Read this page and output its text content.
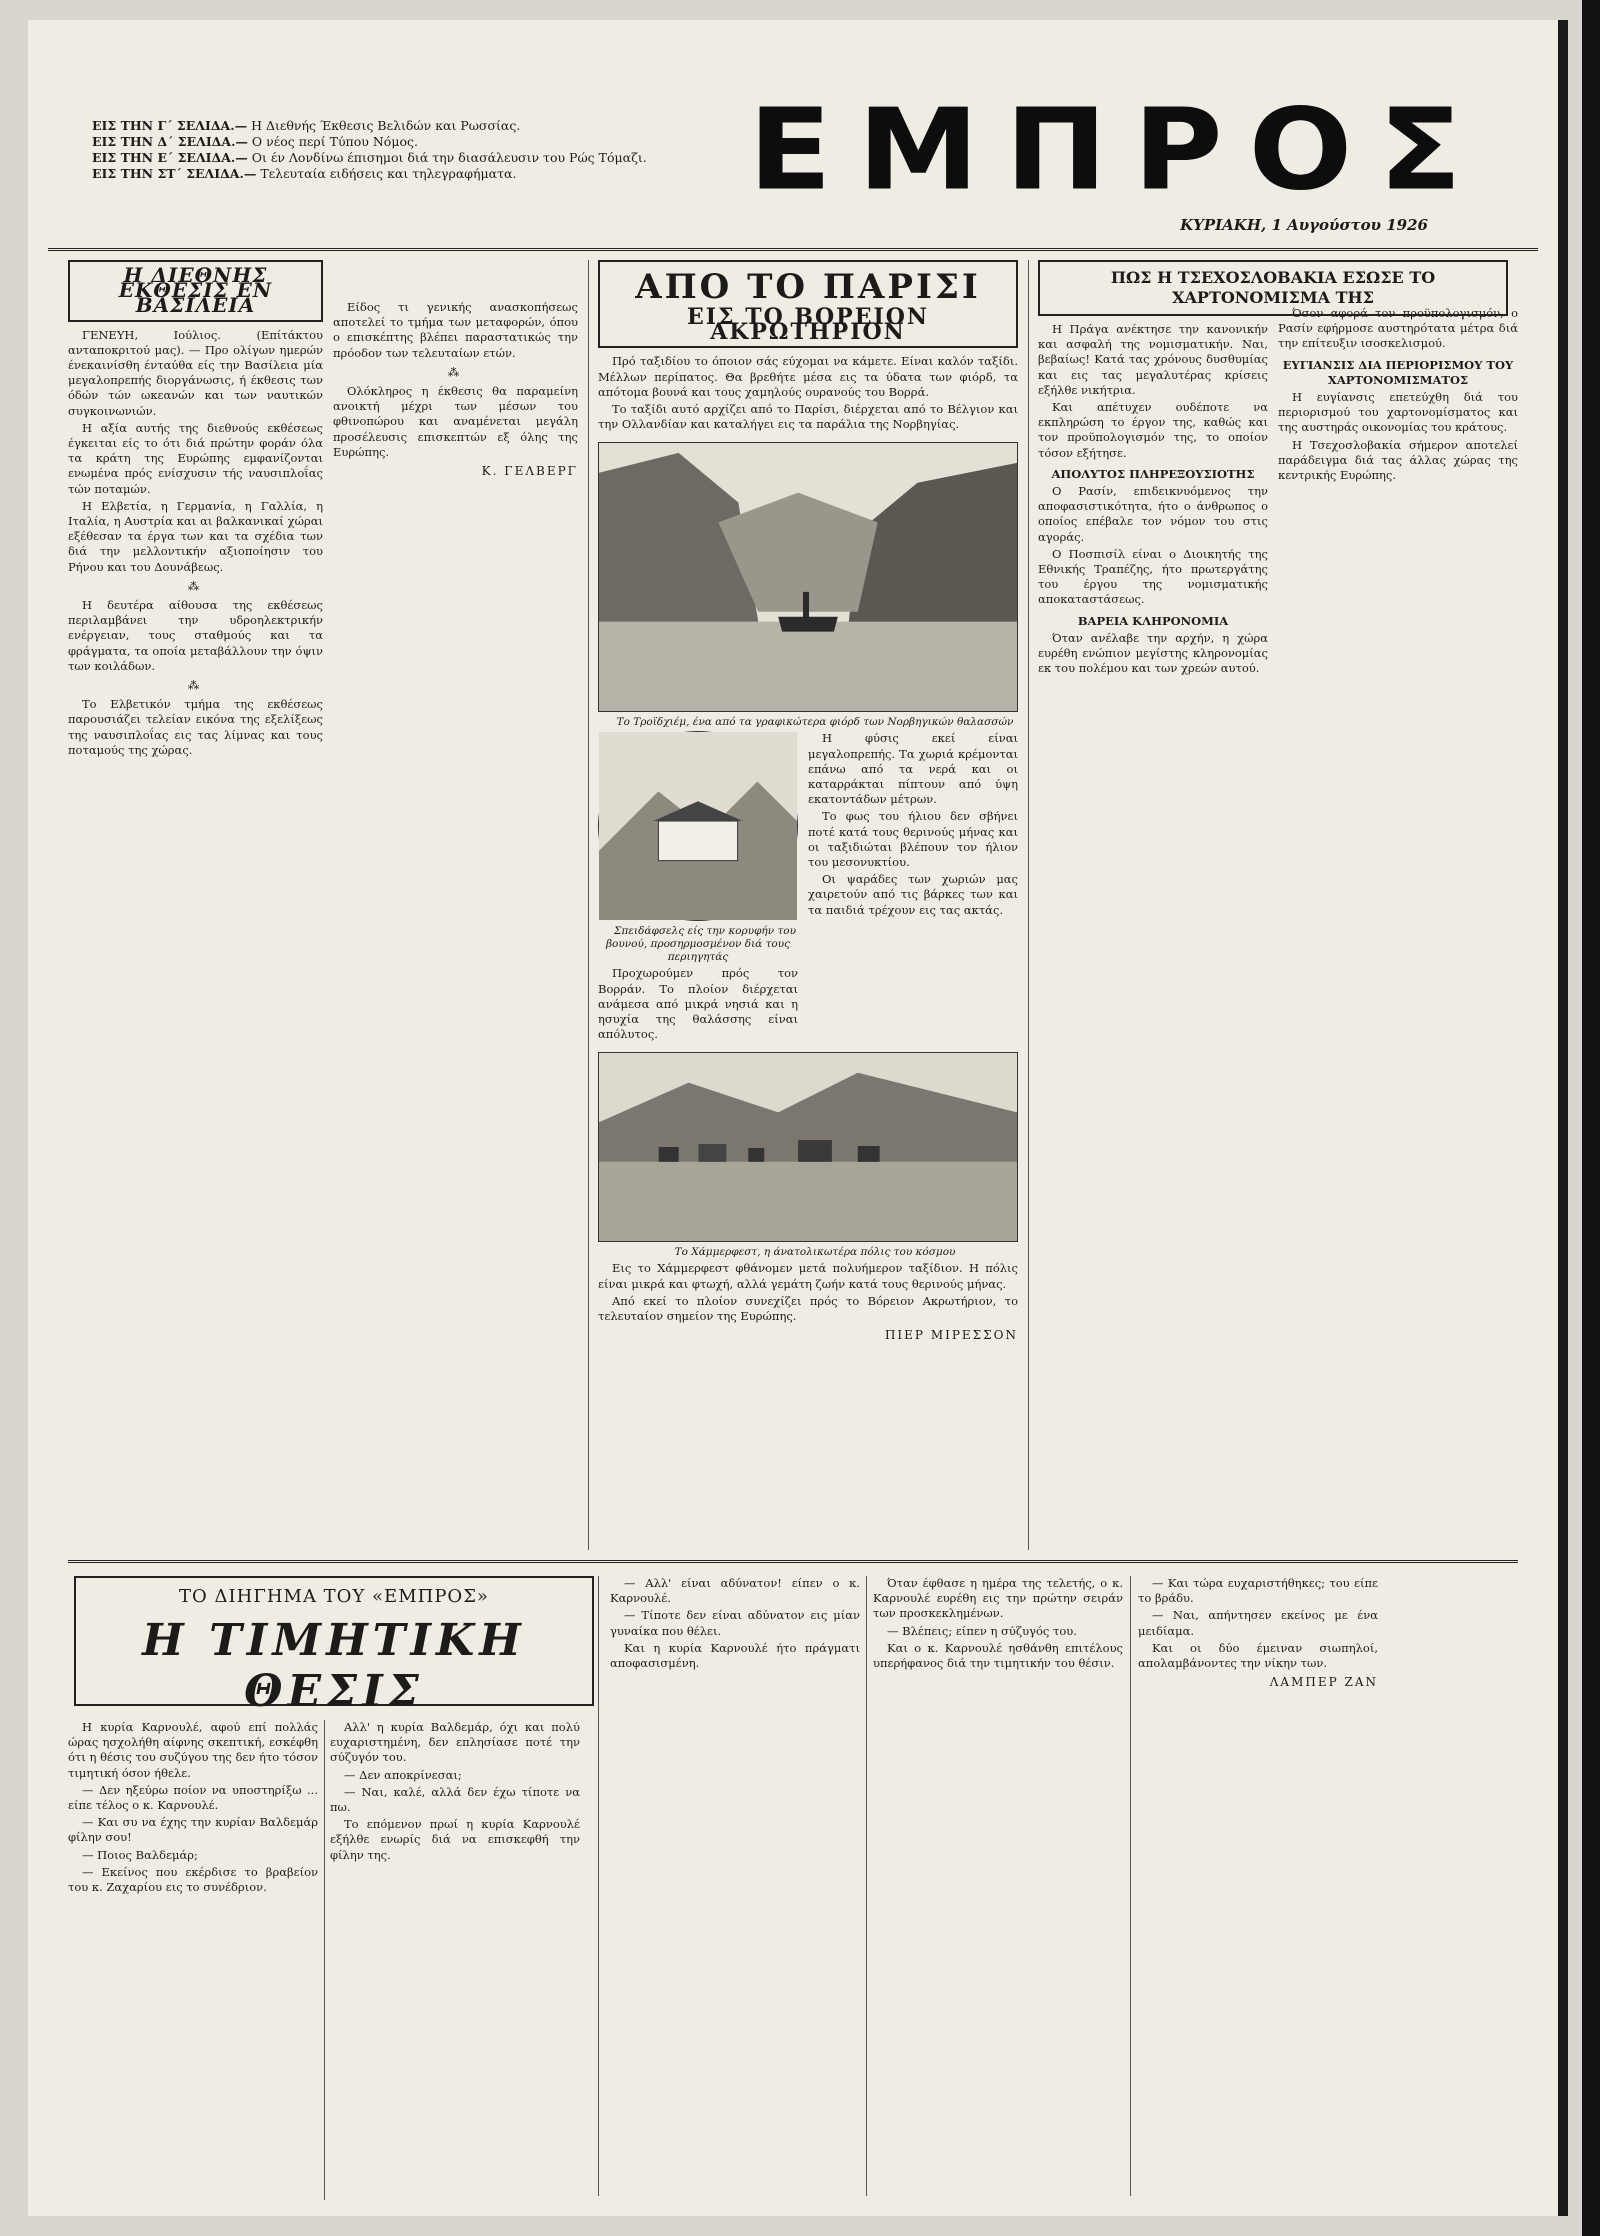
ΕΙΣ ΤΗΝ Γ΄ ΣΕΛΙΔΑ.— Η Διεθνής Έκθεσις Βελιδών και Ρωσσίας.
ΕΙΣ ΤΗΝ Δ΄ ΣΕΛΙΔΑ.— Ο νέος περί Τύπου Νόμος.
ΕΙΣ ΤΗΝ Ε΄ ΣΕΛΙΔΑ.— Οι έν Λονδίνω έπισημοι διά την διασάλευσιν του Ρώς Τόμαζι.
ΕΙΣ ΤΗΝ ΣΤ΄ ΣΕΛΙΔΑ.— Τελευταία ειδήσεις και τηλεγραφήματα.	ΕΜΠΡΟΣ
ΚΥΡΙΑΚΗ, 1 Αυγούστου 1926
Η ΔΙΕΘΝΗΣ ΕΚΘΕΣΙΣ ΕΝ ΒΑΣΙΛΕΙΑ

ΓΕΝΕΥΗ, Ιούλιος. (Επίτάκτου ανταποκριτού μας). — Προ ολίγων ημερών ένεκαινίσθη ένταύθα είς την Βασίλεια μία μεγαλοπρεπής διοργάνωσις, ή έκθεσις των όδών τών ωκεανών και των ναυτικών συγκοινωνιών.

Η αξία αυτής της διεθνούς εκθέσεως έγκειται είς το ότι διά πρώτην φοράν όλα τα κράτη της Ευρώπης εμφανίζονται ενωμένα πρός ενίσχυσιν τής ναυσιπλοΐας τών ποταμών.

Η Ελβετία, η Γερμανία, η Γαλλία, η Ιταλία, η Αυστρία και αι βαλκανικαί χώραι εξέθεσαν τα έργα των και τα σχέδια των διά την μελλοντικήν αξιοποίησιν του Ρήνου και του Δουνάβεως.

⁂

Η δευτέρα αίθουσα της εκθέσεως περιλαμβάνει την υδροηλεκτρικήν ενέργειαν, τους σταθμούς και τα φράγματα, τα οποία μεταβάλλουν την όψιν των κοιλάδων.

⁂

Το Ελβετικόν τμήμα της εκθέσεως παρουσιάζει τελείαν εικόνα της εξελίξεως της ναυσιπλοΐας εις τας λίμνας και τους ποταμούς της χώρας.

Είδος τι γενικής ανασκοπήσεως αποτελεί το τμήμα των μεταφορών, όπου ο επισκέπτης βλέπει παραστατικώς την πρόοδον των τελευταίων ετών.

⁂

Ολόκληρος η έκθεσις θα παραμείνη ανοικτή μέχρι των μέσων του φθινοπώρου και αναμένεται μεγάλη προσέλευσις επισκεπτών εξ όλης της Ευρώπης.

Κ. ΓΕΛΒΕΡΓ
ΑΠΟ ΤΟ ΠΑΡΙΣΙ
ΕΙΣ ΤΟ ΒΟΡΕΙΟΝ ΑΚΡΩΤΗΡΙΟΝ

Πρό ταξιδίου το όποιον σάς εύχομαι να κάμετε. Είναι καλόν ταξίδι. Μέλλων περίπατος. Θα βρεθήτε μέσα εις τα ύδατα των φιόρδ, τα απότομα βουνά και τους χαμηλούς ουρανούς του Βορρά.

Το ταξίδι αυτό αρχίζει από το Παρίσι, διέρχεται από το Βέλγιον και την Ολλανδίαν και καταλήγει εις τα παράλια της Νορβηγίας.

Το Τροϊδχιέμ, ένα από τα γραφικώτερα φιόρδ των Νορβηγικών θαλασσών

Σπειδάφσελς είς την κορυφήν του βουνού, προσηρμοσμένον διά τους περιηγητάς

Προχωρούμεν πρός τον Βορράν. Το πλοίον διέρχεται ανάμεσα από μικρά νησιά και η ησυχία της θαλάσσης είναι απόλυτος.

Η φύσις εκεί είναι μεγαλοπρεπής. Τα χωριά κρέμονται επάνω από τα νερά και οι καταρράκται πίπτουν από ύψη εκατοντάδων μέτρων.

Το φως του ήλιου δεν σβήνει ποτέ κατά τους θερινούς μήνας και οι ταξιδιώται βλέπουν τον ήλιον του μεσονυκτίου.

Οι ψαράδες των χωριών μας χαιρετούν από τις βάρκες των και τα παιδιά τρέχουν εις τας ακτάς.

Το Χάμμερφεστ, η άνατολικωτέρα πόλις του κόσμου

Εις το Χάμμερφεστ φθάνομεν μετά πολυήμερον ταξίδιον. Η πόλις είναι μικρά και φτωχή, αλλά γεμάτη ζωήν κατά τους θερινούς μήνας.

Από εκεί το πλοίον συνεχίζει πρός το Βόρειον Ακρωτήριον, το τελευταίον σημείον της Ευρώπης.

ΠΙΕΡ ΜΙΡΕΣΣΟΝ
ΠΩΣ Η ΤΣΕΧΟΣΛΟΒΑΚΙΑ ΕΣΩΣΕ ΤΟ ΧΑΡΤΟΝΟΜΙΣΜΑ ΤΗΣ

Η Πράγα ανέκτησε την κανονικήν και ασφαλή της νομισματικήν. Ναι, βεβαίως! Κατά τας χρόνους δυσθυμίας και εις τας μεγαλυτέρας κρίσεις εξήλθε νικήτρια.

Και απέτυχεν ουδέποτε να εκπληρώση το έργον της, καθώς και τον προϋπολογισμόν της, το οποίον τόσον εξήτησε.

ΑΠΟΛΥΤΟΣ ΠΛΗΡΕΞΟΥΣΙΟΤΗΣ

Ο Ρασίν, επιδεικνυόμενος την αποφασιστικότητα, ήτο ο άνθρωπος ο οποίος επέβαλε τον νόμον του στις αγοράς.

Ο Ποσπισίλ είναι ο Διοικητής της Εθνικής Τραπέζης, ήτο πρωτεργάτης του έργου της νομισματικής αποκαταστάσεως.

ΒΑΡΕΙΑ ΚΛΗΡΟΝΟΜΙΑ

Όταν ανέλαβε την αρχήν, η χώρα ευρέθη ενώπιον μεγίστης κληρονομίας εκ του πολέμου και των χρεών αυτού.

Όσον αφορά τον προϋπολογισμόν, ο Ρασίν εφήρμοσε αυστηρότατα μέτρα διά την επίτευξιν ισοσκελισμού.

ΕΥΓΙΑΝΣΙΣ ΔΙΑ ΠΕΡΙΟΡΙΣΜΟΥ ΤΟΥ ΧΑΡΤΟΝΟΜΙΣΜΑΤΟΣ

Η ευγίανσις επετεύχθη διά του περιορισμού του χαρτονομίσματος και της αυστηράς οικονομίας του κράτους.

Η Τσεχοσλοβακία σήμερον αποτελεί παράδειγμα διά τας άλλας χώρας της κεντρικής Ευρώπης.

ΤΟ ΔΙΗΓΗΜΑ ΤΟΥ «ΕΜΠΡΟΣ»
Η ΤΙΜΗΤΙΚΗ ΘΕΣΙΣ

Η κυρία Καρνουλέ, αφού επί πολλάς ώρας ησχολήθη αίφνης σκεπτική, εσκέφθη ότι η θέσις του συζύγου της δεν ήτο τόσον τιμητική όσον ήθελε.

— Δεν ηξεύρω ποίον να υποστηρίξω ... είπε τέλος ο κ. Καρνουλέ.

— Και συ να έχης την κυρίαν Βαλδεμάρ φίλην σου!

— Ποιος Βαλδεμάρ;

— Εκείνος που εκέρδισε το βραβείον του κ. Ζαχαρίου εις το συνέδριον.

Αλλ' η κυρία Βαλδεμάρ, όχι και πολύ ευχαριστημένη, δεν επλησίασε ποτέ την σύζυγόν του.

— Δεν αποκρίνεσαι;

— Ναι, καλέ, αλλά δεν έχω τίποτε να πω.

Το επόμενον πρωί η κυρία Καρνουλέ εξήλθε ενωρίς διά να επισκεφθή την φίλην της.

— Αλλ' είναι αδύνατον! είπεν ο κ. Καρνουλέ.

— Τίποτε δεν είναι αδύνατον εις μίαν γυναίκα που θέλει.

Και η κυρία Καρνουλέ ήτο πράγματι αποφασισμένη.

Όταν έφθασε η ημέρα της τελετής, ο κ. Καρνουλέ ευρέθη εις την πρώτην σειράν των προσκεκλημένων.

— Βλέπεις; είπεν η σύζυγός του.

Και ο κ. Καρνουλέ ησθάνθη επιτέλους υπερήφανος διά την τιμητικήν του θέσιν.

— Και τώρα ευχαριστήθηκες; του είπε το βράδυ.

— Ναι, απήντησεν εκείνος με ένα μειδίαμα.

Και οι δύο έμειναν σιωπηλοί, απολαμβάνοντες την νίκην των.

ΛΑΜΠΕΡ ΖΑΝ
